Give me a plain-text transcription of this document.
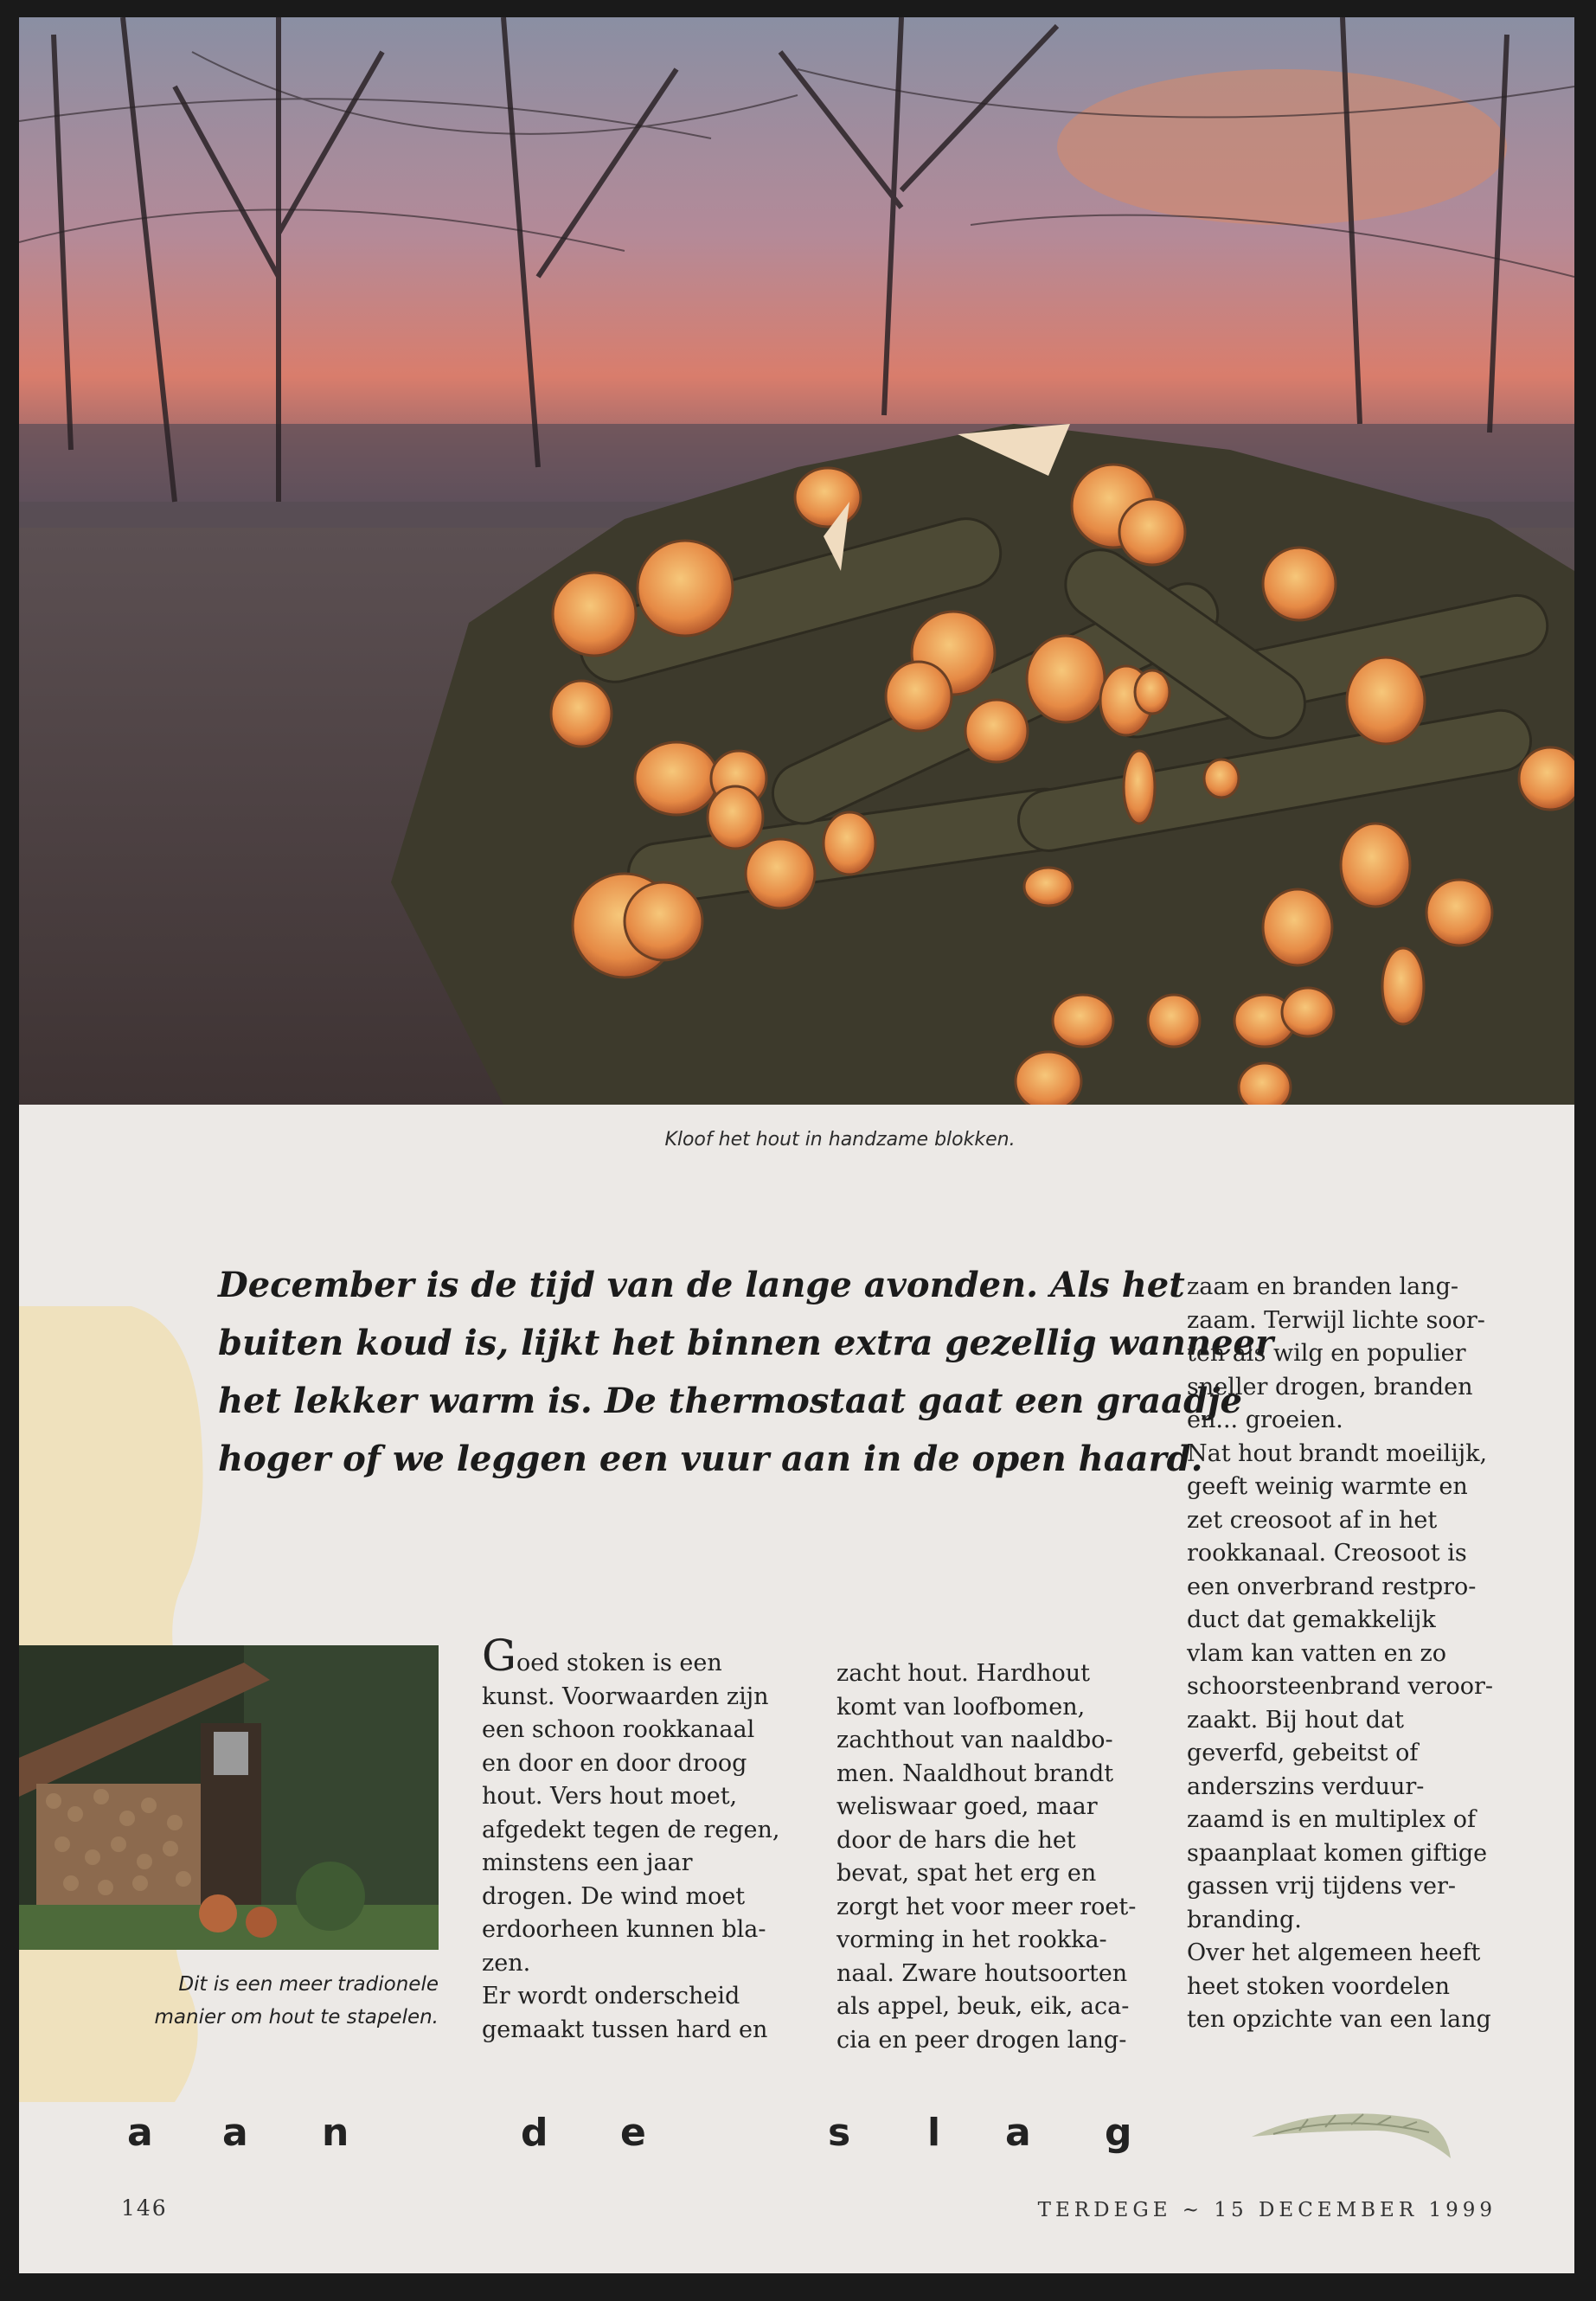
Kloof het hout in handzame blokken.
December is de tijd van de lange avonden. Als het
buiten koud is, lijkt het binnen extra gezellig wanneer
het lekker warm is. De thermostaat gaat een graadje
hoger of we leggen een vuur aan in de open haard.
Dit is een meer tradionele
manier om hout te stapelen.
Goed stoken is een
kunst. Voorwaarden zijn
een schoon rookkanaal
en door en door droog
hout. Vers hout moet,
afgedekt tegen de regen,
minstens een jaar
drogen. De wind moet
erdoorheen kunnen bla-
zen.
Er wordt onderscheid
gemaakt tussen hard en
zacht hout. Hardhout
komt van loofbomen,
zachthout van naaldbo-
men. Naaldhout brandt
weliswaar goed, maar
door de hars die het
bevat, spat het erg en
zorgt het voor meer roet-
vorming in het rookka-
naal. Zware houtsoorten
als appel, beuk, eik, aca-
cia en peer drogen lang-
zaam en branden lang-
zaam. Terwijl lichte soor-
ten als wilg en populier
sneller drogen, branden
en... groeien.
Nat hout brandt moeilijk,
geeft weinig warmte en
zet creosoot af in het
rookkanaal. Creosoot is
een onverbrand restpro-
duct dat gemakkelijk
vlam kan vatten en zo
schoorsteenbrand veroor-
zaakt. Bij hout dat
geverfd, gebeitst of
anderszins verduur-
zaamd is en multiplex of
spaanplaat komen giftige
gassen vrij tijdens ver-
branding.
Over het algemeen heeft
heet stoken voordelen
ten opzichte van een lang
a a n	d e	s l a g
146	TERDEGE ~ 15 DECEMBER 1999
